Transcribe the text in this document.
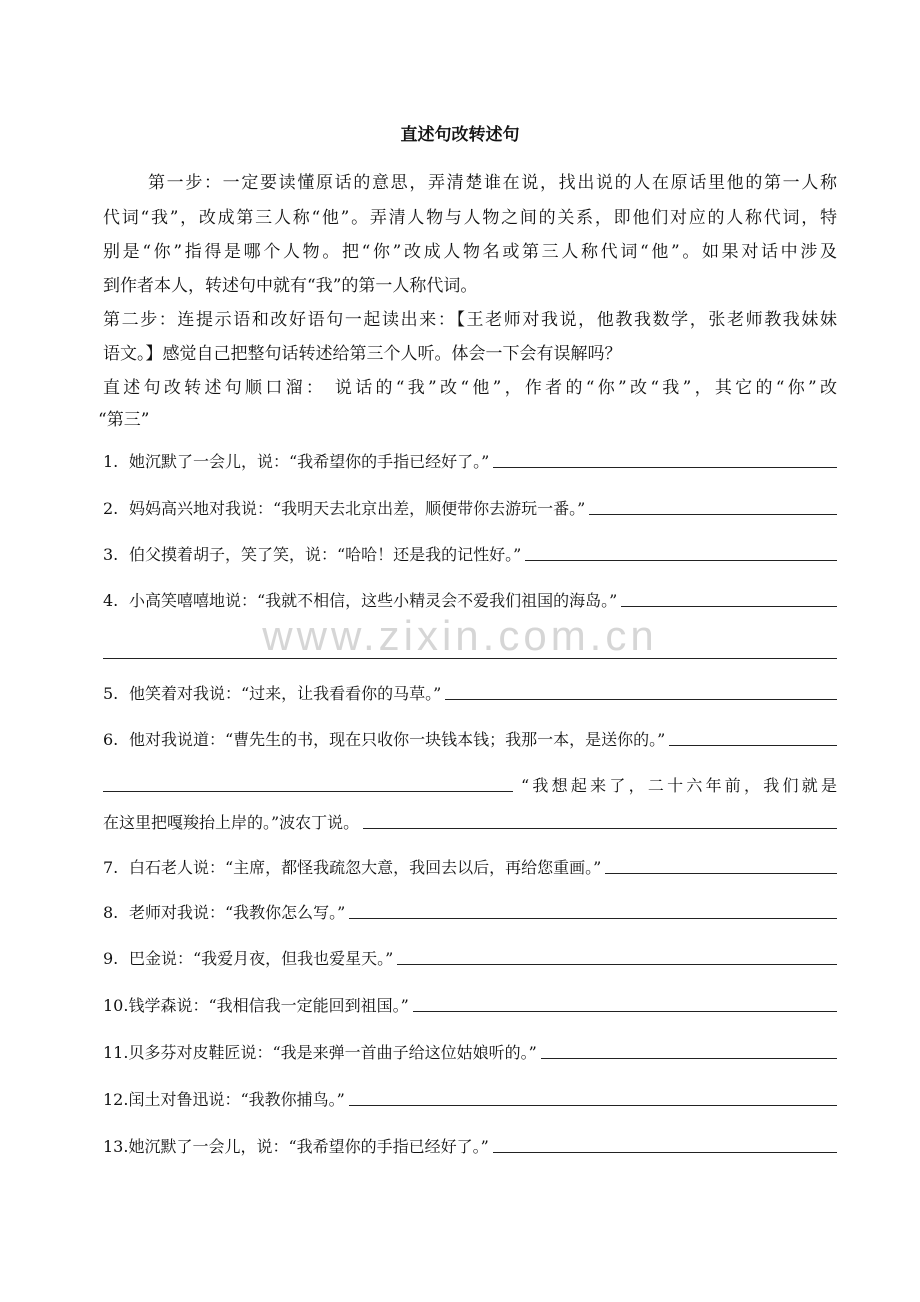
www.zixin.com.cn
直述句改转述句
第一步：一定要读懂原话的意思，弄清楚谁在说，找出说的人在原话里他的第一人称
代词“我”，改成第三人称“他”。弄清人物与人物之间的关系，即他们对应的人称代词，特
别是“你”指得是哪个人物。把“你”改成人物名或第三人称代词“他”。如果对话中涉及
到作者本人，转述句中就有“我”的第一人称代词。
第二步：连提示语和改好语句一起读出来：【王老师对我说，他教我数学，张老师教我妹妹
语文。】感觉自己把整句话转述给第三个人听。体会一下会有误解吗？
直述句改转述句顺口溜： 说话的“我”改“他”，作者的“你”改“我”，其它的“你”改
“第三”
1. 她沉默了一会儿，说：“我希望你的手指已经好了。”
2. 妈妈高兴地对我说：“我明天去北京出差，顺便带你去游玩一番。”
3. 伯父摸着胡子，笑了笑，说：“哈哈！还是我的记性好。”
4. 小高笑嘻嘻地说：“我就不相信，这些小精灵会不爱我们祖国的海岛。”
5. 他笑着对我说：“过来，让我看看你的马草。”
6. 他对我说道：“曹先生的书，现在只收你一块钱本钱；我那一本，是送你的。”
“我想起来了，二十六年前，我们就是
在这里把嘎羧抬上岸的。”波农丁说。
7. 白石老人说：“主席，都怪我疏忽大意，我回去以后，再给您重画。”
8. 老师对我说：“我教你怎么写。”
9. 巴金说：“我爱月夜，但我也爱星天。”
10. 钱学森说：“我相信我一定能回到祖国。”
11. 贝多芬对皮鞋匠说：“我是来弹一首曲子给这位姑娘听的。”
12. 闰土对鲁迅说：“我教你捕鸟。”
13. 她沉默了一会儿，说：“我希望你的手指已经好了。”
